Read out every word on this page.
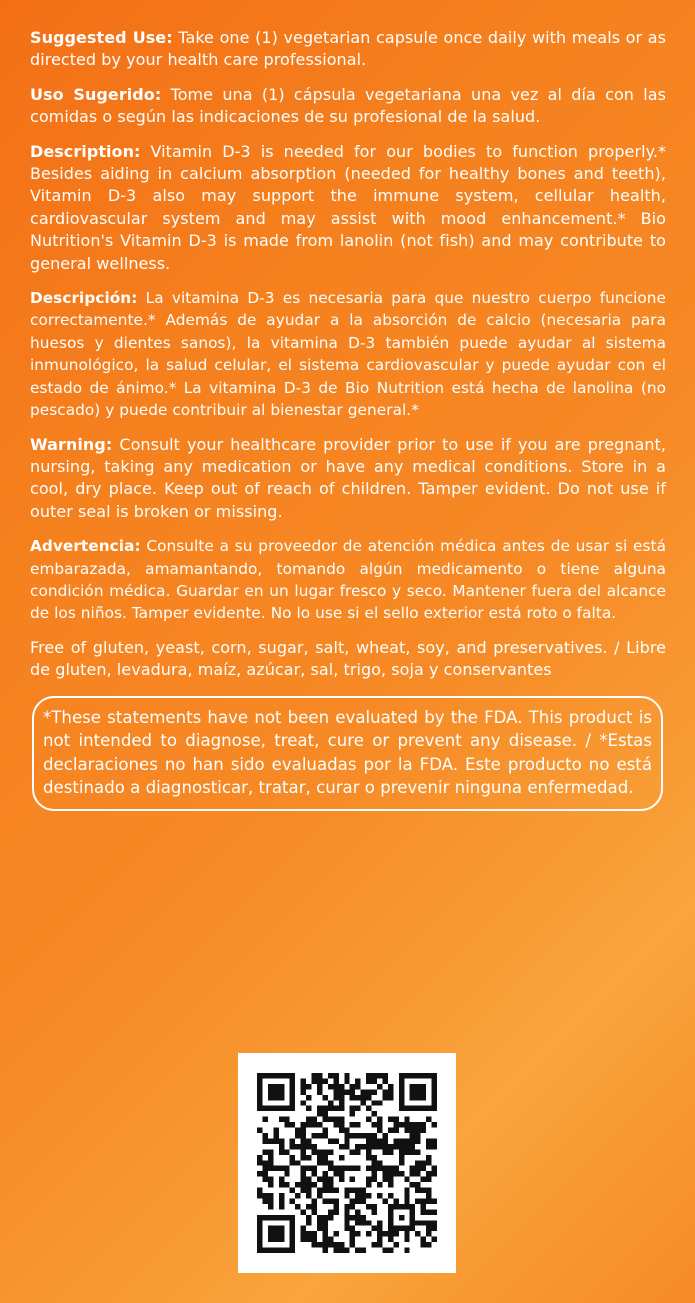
Suggested Use: Take one (1) vegetarian capsule once daily with meals or as directed by your health care professional.

Uso Sugerido: Tome una (1) cápsula vegetariana una vez al día con las comidas o según las indicaciones de su profesional de la salud.

Description: Vitamin D-3 is needed for our bodies to function properly.* Besides aiding in calcium absorption (needed for healthy bones and teeth), Vitamin D-3 also may support the immune system, cellular health, cardiovascular system and may assist with mood enhancement.* Bio Nutrition's Vitamin D-3 is made from lanolin (not fish) and may contribute to general wellness.

Descripción: La vitamina D-3 es necesaria para que nuestro cuerpo funcione correctamente.* Además de ayudar a la absorción de calcio (necesaria para huesos y dientes sanos), la vitamina D-3 también puede ayudar al sistema inmunológico, la salud celular, el sistema cardiovascular y puede ayudar con el estado de ánimo.* La vitamina D-3 de Bio Nutrition está hecha de lanolina (no pescado) y puede contribuir al bienestar general.*

Warning: Consult your healthcare provider prior to use if you are pregnant, nursing, taking any medication or have any medical conditions. Store in a cool, dry place. Keep out of reach of children. Tamper evident. Do not use if outer seal is broken or missing.

Advertencia: Consulte a su proveedor de atención médica antes de usar si está embarazada, amamantando, tomando algún medicamento o tiene alguna condición médica. Guardar en un lugar fresco y seco. Mantener fuera del alcance de los niños. Tamper evidente. No lo use si el sello exterior está roto o falta.

Free of gluten, yeast, corn, sugar, salt, wheat, soy, and preservatives. / Libre de gluten, levadura, maíz, azúcar, sal, trigo, soja y conservantes

*These statements have not been evaluated by the FDA. This product is not intended to diagnose, treat, cure or prevent any disease. / *Estas declaraciones no han sido evaluadas por la FDA. Este producto no está destinado a diagnosticar, tratar, curar o prevenir ninguna enfermedad.
